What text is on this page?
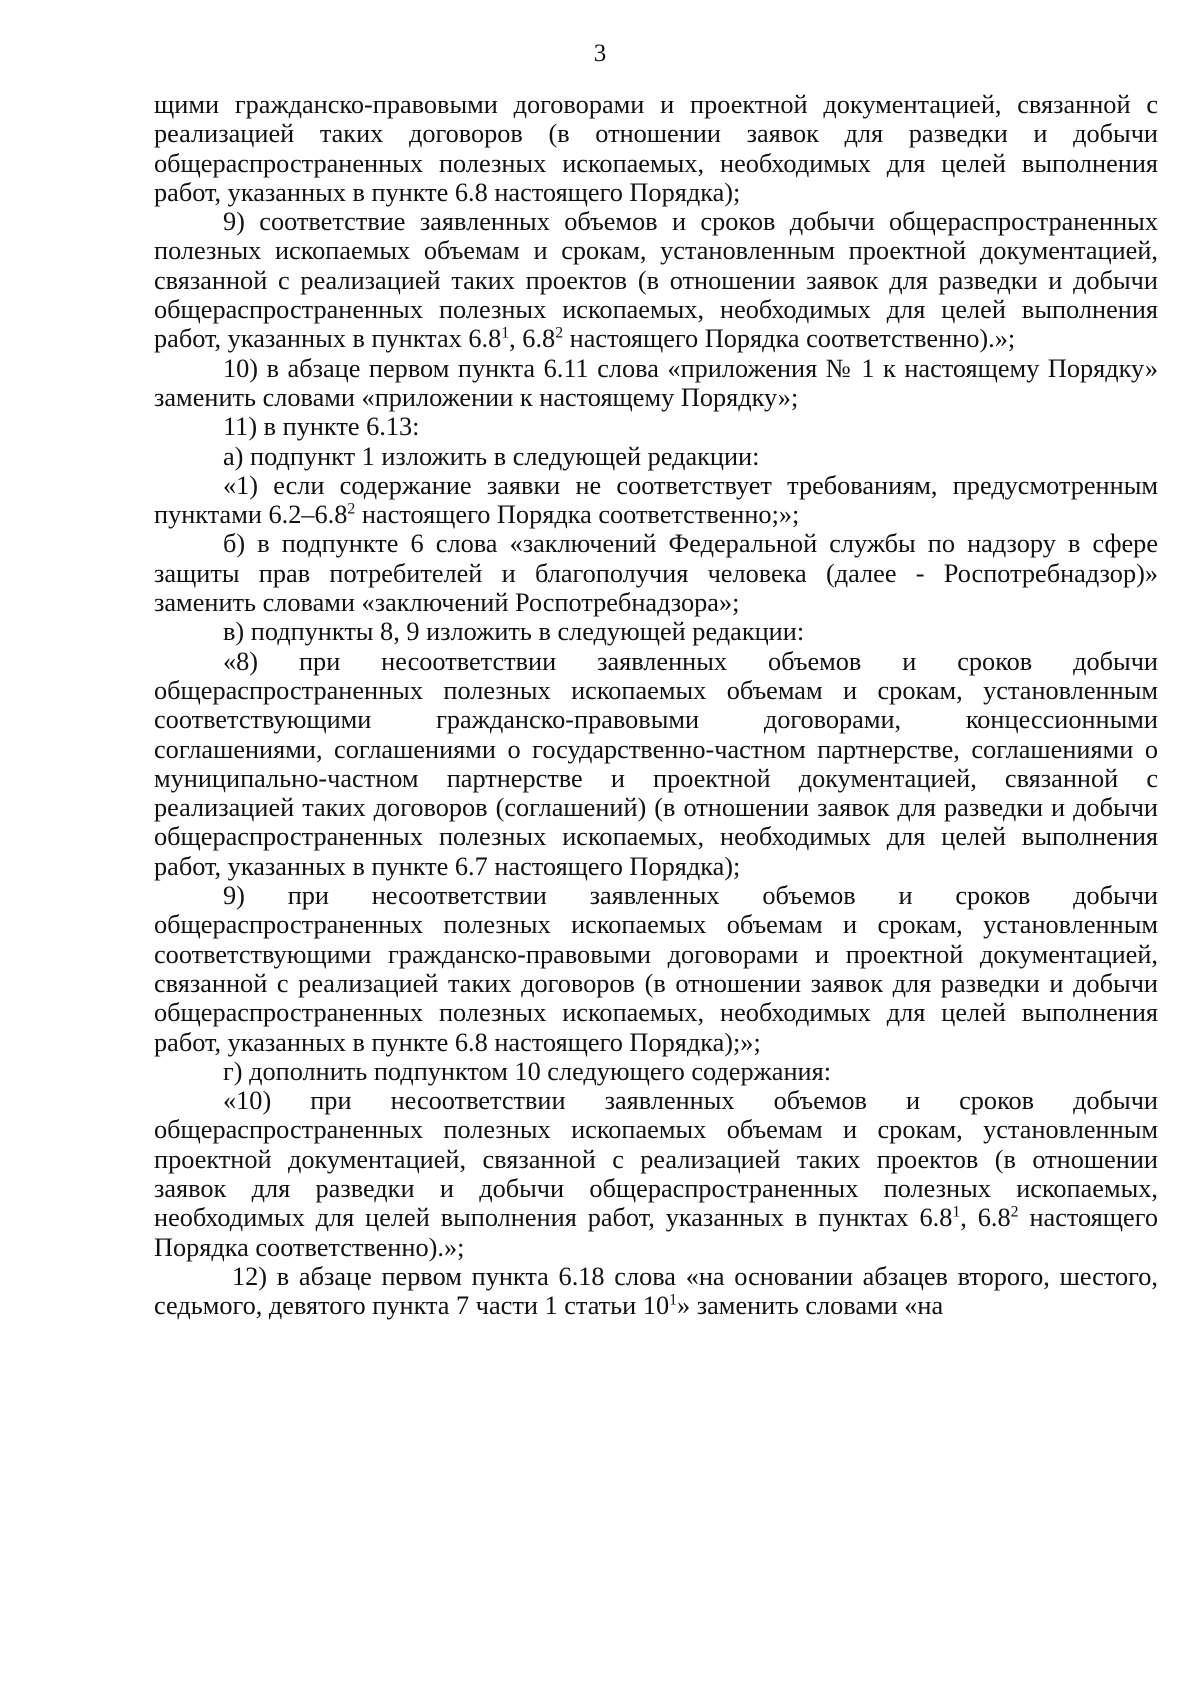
3

щими гражданско-правовыми договорами и проектной документацией, связанной с реализацией таких договоров (в отношении заявок для разведки и добычи общераспространенных полезных ископаемых, необходимых для целей выполнения работ, указанных в пункте 6.8 настоящего Порядка);

9) соответствие заявленных объемов и сроков добычи общераспространенных полезных ископаемых объемам и срокам, установленным проектной документацией, связанной с реализацией таких проектов (в отношении заявок для разведки и добычи общераспространенных полезных ископаемых, необходимых для целей выполнения работ, указанных в пунктах $6.8^1$, $6.8^2$ настоящего Порядка соответственно).»;

10) в абзаце первом пункта 6.11 слова «приложения № 1 к настоящему Порядку» заменить словами «приложении к настоящему Порядку»;

11) в пункте 6.13:

а) подпункт 1 изложить в следующей редакции:

«1) если содержание заявки не соответствует требованиям, предусмотренным пунктами $6.2-6.8^2$ настоящего Порядка соответственно;»;

б) в подпункте 6 слова «заключений Федеральной службы по надзору в сфере защиты прав потребителей и благополучия человека (далее - Роспотребнадзор)» заменить словами «заключений Роспотребнадзора»;

в) подпункты 8, 9 изложить в следующей редакции:

«8) при несоответствии заявленных объемов и сроков добычи общераспространенных полезных ископаемых объемам и срокам, установленным соответствующими гражданско-правовыми договорами, концессионными соглашениями, соглашениями о государственно-частном партнерстве, соглашениями о муниципально-частном партнерстве и проектной документацией, связанной с реализацией таких договоров (соглашений) (в отношении заявок для разведки и добычи общераспространенных полезных ископаемых, необходимых для целей выполнения работ, указанных в пункте 6.7 настоящего Порядка);

9) при несоответствии заявленных объемов и сроков добычи общераспространенных полезных ископаемых объемам и срокам, установленным соответствующими гражданско-правовыми договорами и проектной документацией, связанной с реализацией таких договоров (в отношении заявок для разведки и добычи общераспространенных полезных ископаемых, необходимых для целей выполнения работ, указанных в пункте 6.8 настоящего Порядка);»;

г) дополнить подпунктом 10 следующего содержания:

«10) при несоответствии заявленных объемов и сроков добычи общераспространенных полезных ископаемых объемам и срокам, установленным проектной документацией, связанной с реализацией таких проектов (в отношении заявок для разведки и добычи общераспространенных полезных ископаемых, необходимых для целей выполнения работ, указанных в пунктах $6.8^1$, $6.8^2$ настоящего Порядка соответственно).»;

12) в абзаце первом пункта 6.18 слова «на основании абзацев второго, шестого, седьмого, девятого пункта 7 части 1 статьи $10^1$» заменить словами «на
